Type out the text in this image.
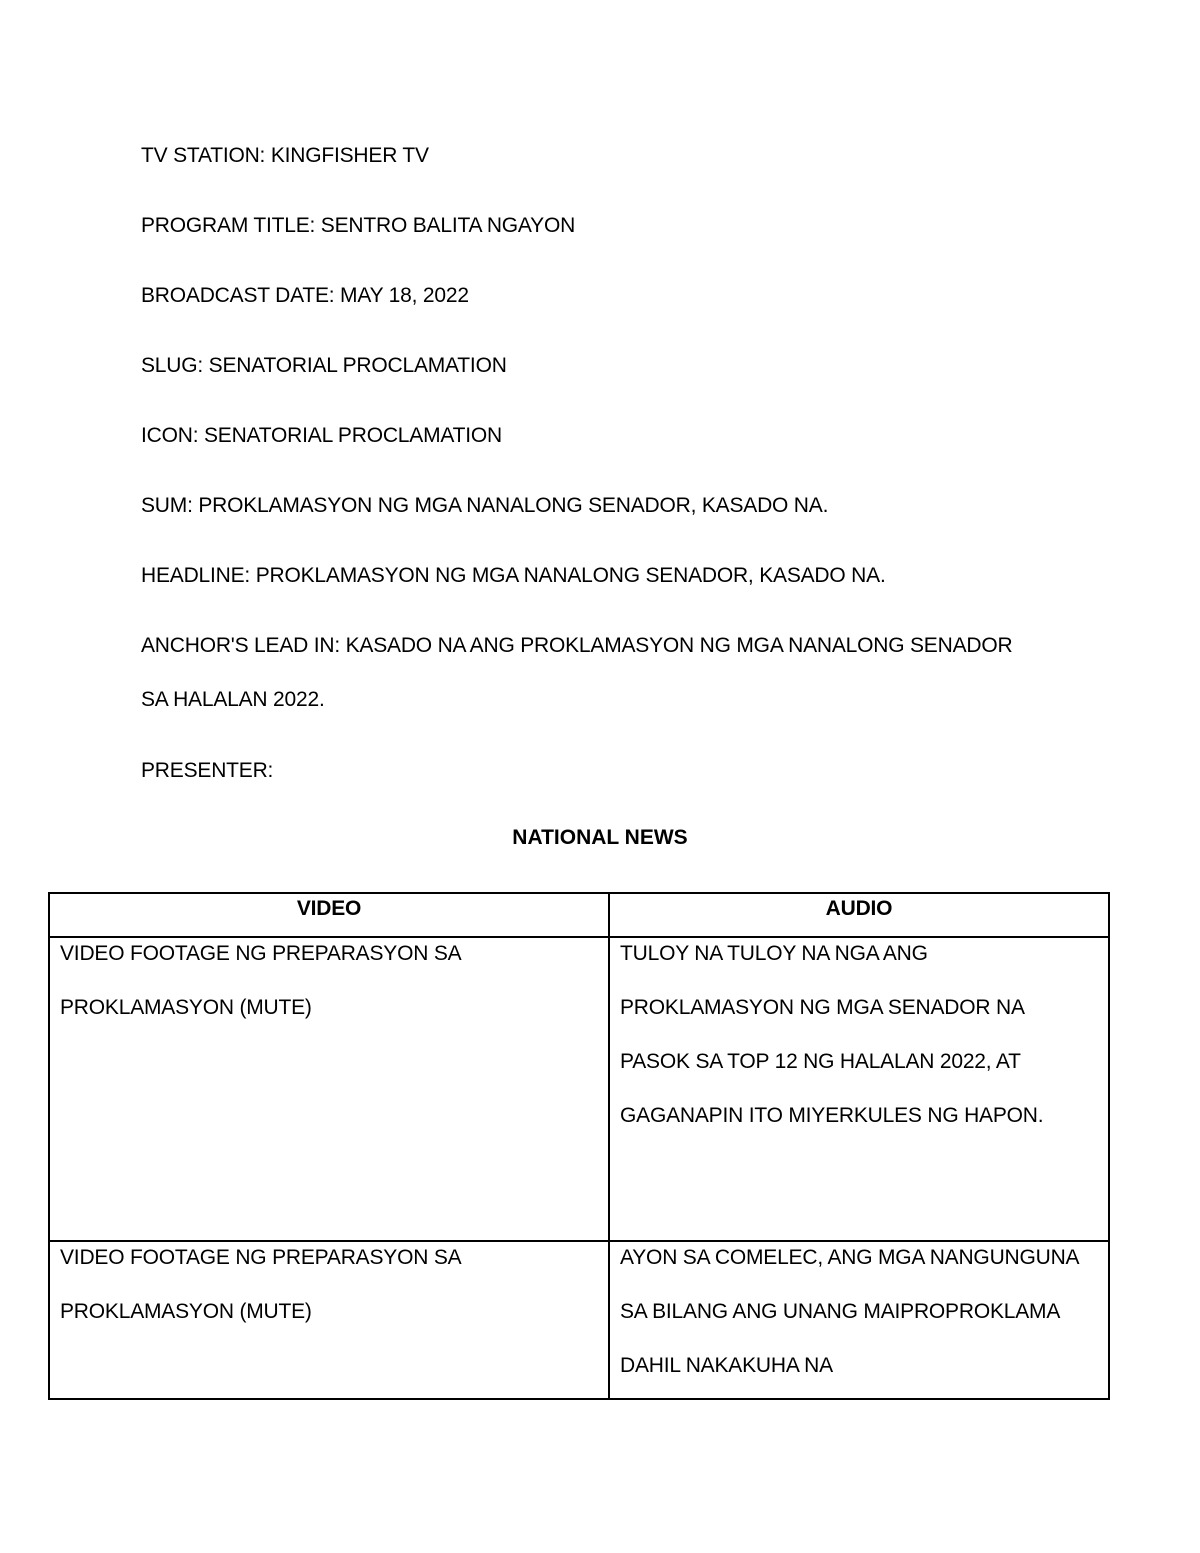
TV STATION: KINGFISHER TV

PROGRAM TITLE: SENTRO BALITA NGAYON

BROADCAST DATE: MAY 18, 2022

SLUG: SENATORIAL PROCLAMATION

ICON: SENATORIAL PROCLAMATION

SUM: PROKLAMASYON NG MGA NANALONG SENADOR, KASADO NA.

HEADLINE: PROKLAMASYON NG MGA NANALONG SENADOR, KASADO NA.

ANCHOR'S LEAD IN: KASADO NA ANG PROKLAMASYON NG MGA NANALONG SENADOR SA HALALAN 2022.

PRESENTER:

NATIONAL NEWS
VIDEO	AUDIO

VIDEO FOOTAGE NG PREPARASYON SA PROKLAMASYON (MUTE)	TULOY NA TULOY NA NGA ANG PROKLAMASYON NG MGA SENADOR NA PASOK SA TOP 12 NG HALALAN 2022, AT GAGANAPIN ITO MIYERKULES NG HAPON.

VIDEO FOOTAGE NG PREPARASYON SA PROKLAMASYON (MUTE)	AYON SA COMELEC, ANG MGA NANGUNGUNA SA BILANG ANG UNANG MAIPROPROKLAMA DAHIL NAKAKUHA NA
